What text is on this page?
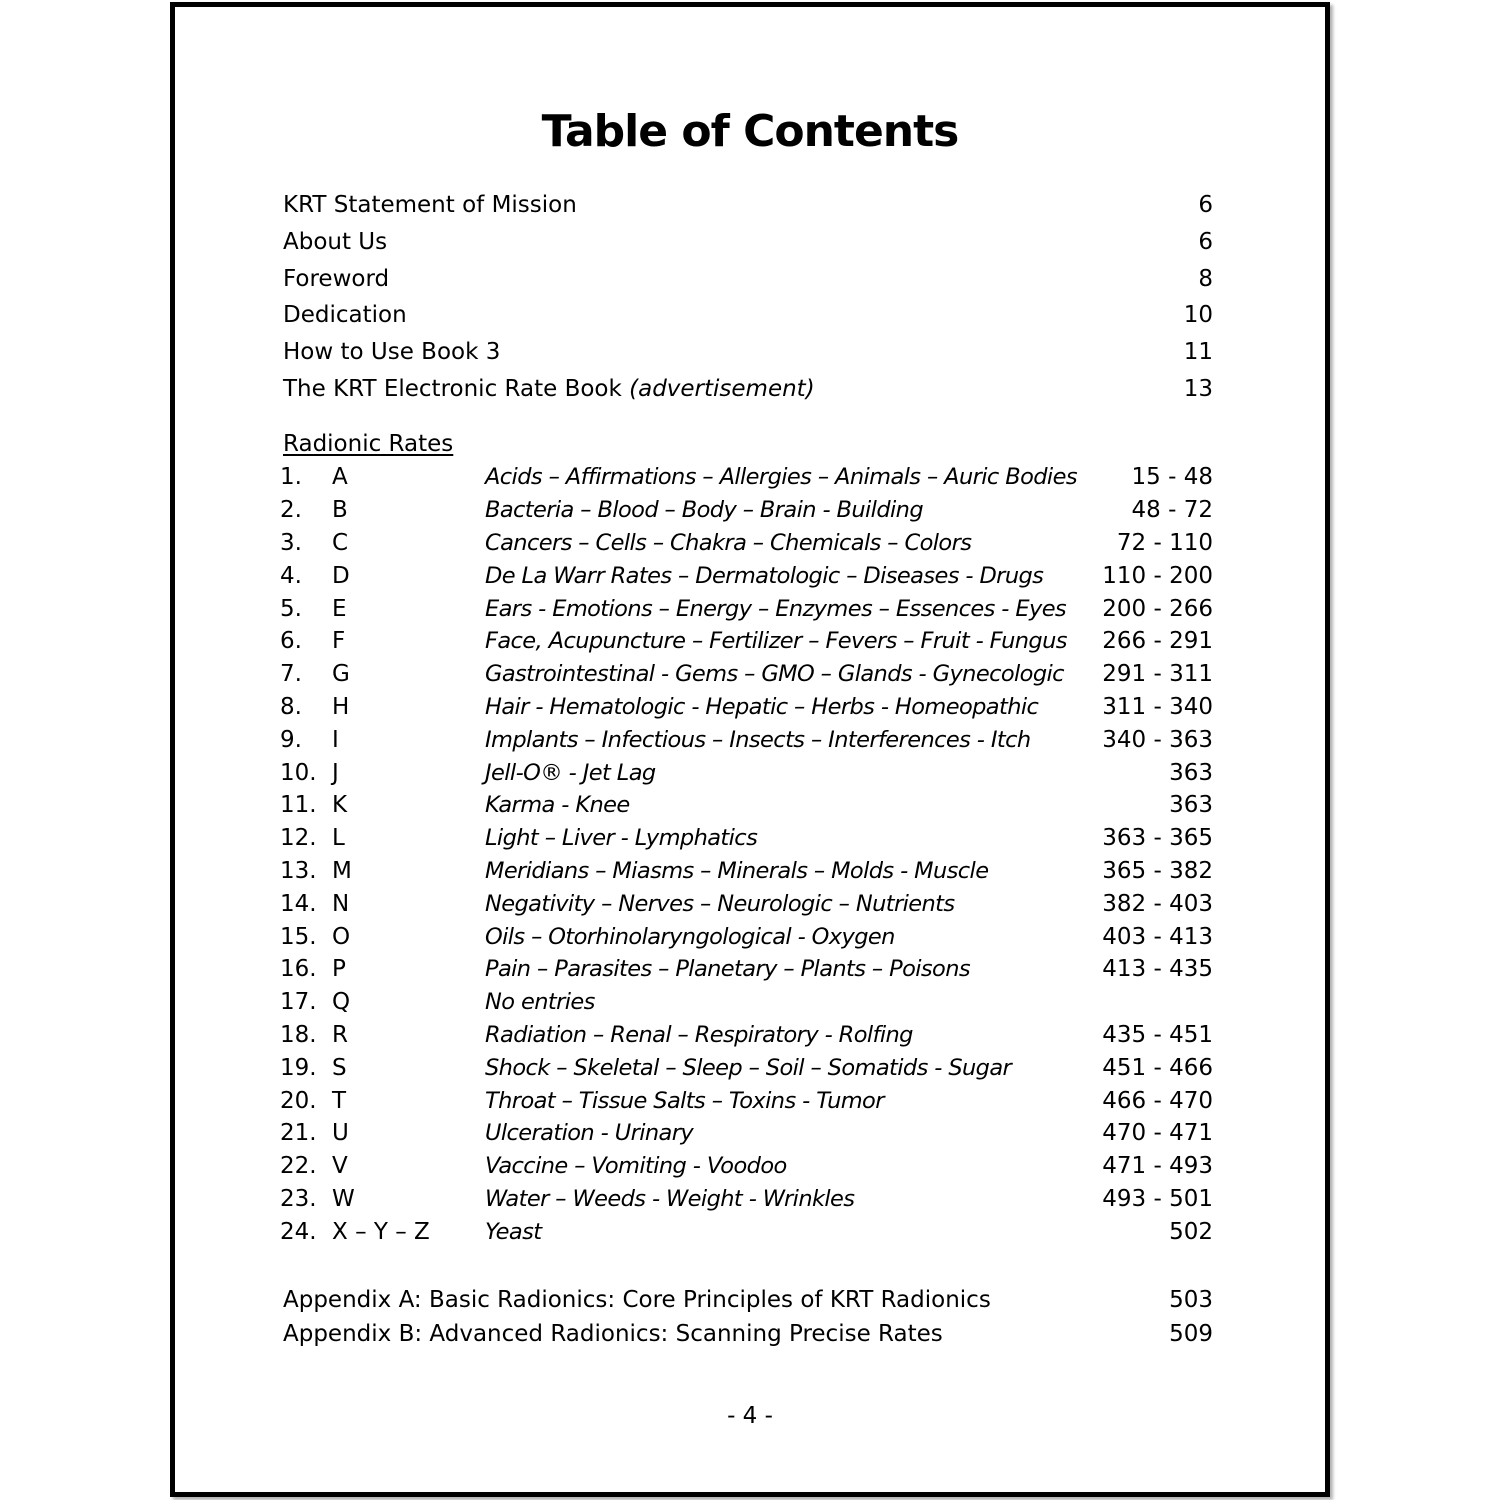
Table of Contents
KRT Statement of Mission	6
About Us	6
Foreword	8
Dedication	10
How to Use Book 3	11
The KRT Electronic Rate Book (advertisement)	13
Radionic Rates
1.	A	Acids – Affirmations – Allergies – Animals – Auric Bodies	15 - 48
2.	B	Bacteria – Blood – Body – Brain - Building	48 - 72
3.	C	Cancers – Cells – Chakra – Chemicals – Colors	72 - 110
4.	D	De La Warr Rates – Dermatologic – Diseases - Drugs	110 - 200
5.	E	Ears - Emotions – Energy – Enzymes – Essences - Eyes	200 - 266
6.	F	Face, Acupuncture – Fertilizer – Fevers – Fruit - Fungus	266 - 291
7.	G	Gastrointestinal - Gems – GMO – Glands - Gynecologic	291 - 311
8.	H	Hair - Hematologic - Hepatic – Herbs - Homeopathic	311 - 340
9.	I	Implants – Infectious – Insects – Interferences - Itch	340 - 363
10. J	Jell-O® - Jet Lag	363
11. K	Karma - Knee	363
12. L	Light – Liver - Lymphatics	363 - 365
13. M	Meridians – Miasms – Minerals – Molds - Muscle	365 - 382
14. N	Negativity – Nerves – Neurologic – Nutrients	382 - 403
15. O	Oils – Otorhinolaryngological - Oxygen	403 - 413
16. P	Pain – Parasites – Planetary – Plants – Poisons	413 - 435
17. Q	No entries
18. R	Radiation – Renal – Respiratory - Rolfing	435 - 451
19. S	Shock – Skeletal – Sleep – Soil – Somatids - Sugar	451 - 466
20. T	Throat – Tissue Salts – Toxins - Tumor	466 - 470
21. U	Ulceration - Urinary	470 - 471
22. V	Vaccine – Vomiting - Voodoo	471 - 493
23. W	Water – Weeds - Weight - Wrinkles	493 - 501
24. X – Y – Z	Yeast	502
Appendix A: Basic Radionics: Core Principles of KRT Radionics	503
Appendix B: Advanced Radionics: Scanning Precise Rates	509
- 4 -
